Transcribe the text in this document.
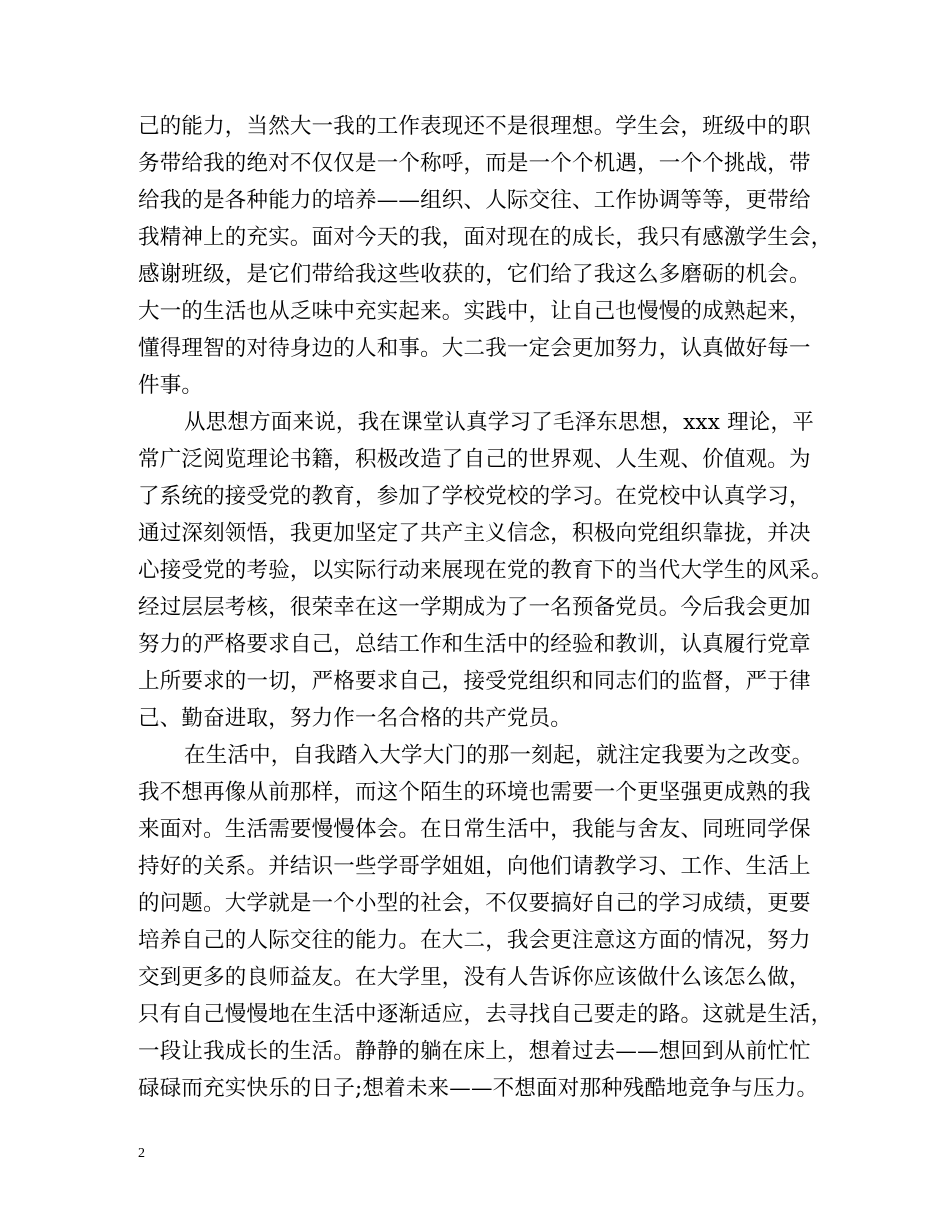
己的能力，当然大一我的工作表现还不是很理想。学生会，班级中的职
务带给我的绝对不仅仅是一个称呼，而是一个个机遇，一个个挑战，带
给我的是各种能力的培养——组织、人际交往、工作协调等等，更带给
我精神上的充实。面对今天的我，面对现在的成长，我只有感激学生会，
感谢班级，是它们带给我这些收获的，它们给了我这么多磨砺的机会。
大一的生活也从乏味中充实起来。实践中，让自己也慢慢的成熟起来，
懂得理智的对待身边的人和事。大二我一定会更加努力，认真做好每一
件事。
从思想方面来说，我在课堂认真学习了毛泽东思想，xxx 理论，平
常广泛阅览理论书籍，积极改造了自己的世界观、人生观、价值观。为
了系统的接受党的教育，参加了学校党校的学习。在党校中认真学习，
通过深刻领悟，我更加坚定了共产主义信念，积极向党组织靠拢，并决
心接受党的考验，以实际行动来展现在党的教育下的当代大学生的风采。
经过层层考核，很荣幸在这一学期成为了一名预备党员。今后我会更加
努力的严格要求自己，总结工作和生活中的经验和教训，认真履行党章
上所要求的一切，严格要求自己，接受党组织和同志们的监督，严于律
己、勤奋进取，努力作一名合格的共产党员。
在生活中，自我踏入大学大门的那一刻起，就注定我要为之改变。
我不想再像从前那样，而这个陌生的环境也需要一个更坚强更成熟的我
来面对。生活需要慢慢体会。在日常生活中，我能与舍友、同班同学保
持好的关系。并结识一些学哥学姐姐，向他们请教学习、工作、生活上
的问题。大学就是一个小型的社会，不仅要搞好自己的学习成绩，更要
培养自己的人际交往的能力。在大二，我会更注意这方面的情况，努力
交到更多的良师益友。在大学里，没有人告诉你应该做什么该怎么做，
只有自己慢慢地在生活中逐渐适应，去寻找自己要走的路。这就是生活，
一段让我成长的生活。静静的躺在床上，想着过去——想回到从前忙忙
碌碌而充实快乐的日子;想着未来——不想面对那种残酷地竞争与压力。
2
